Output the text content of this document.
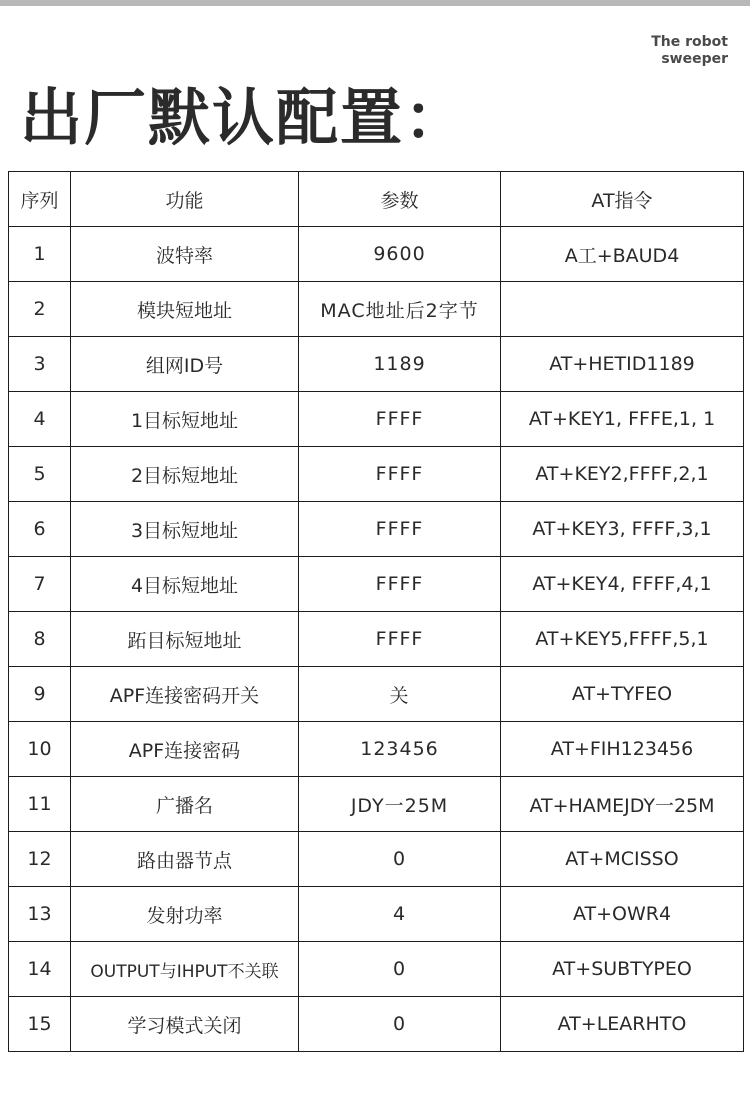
The robot
sweeper
出厂默认配置：
序列	功能	参数	AT指令
1	波特率	9600	A工+BAUD4
2	模块短地址	MAC地址后2字节	
3	组网ID号	1189	AT+HETID1189
4	1目标短地址	FFFF	AT+KEY1, FFFE,1, 1
5	2目标短地址	FFFF	AT+KEY2,FFFF,2,1
6	3目标短地址	FFFF	AT+KEY3, FFFF,3,1
7	4目标短地址	FFFF	AT+KEY4, FFFF,4,1
8	跖目标短地址	FFFF	AT+KEY5,FFFF,5,1
9	APF连接密码开关	关	AT+TYFEO
10	APF连接密码	123456	AT+FIH123456
11	广播名	JDY一25M	AT+HAMEJDY一25M
12	路由器节点	0	AT+MCISSO
13	发射功率	4	AT+OWR4
14	OUTPUT与IHPUT不关联	0	AT+SUBTYPEO
15	学习模式关闭	0	AT+LEARHTO
